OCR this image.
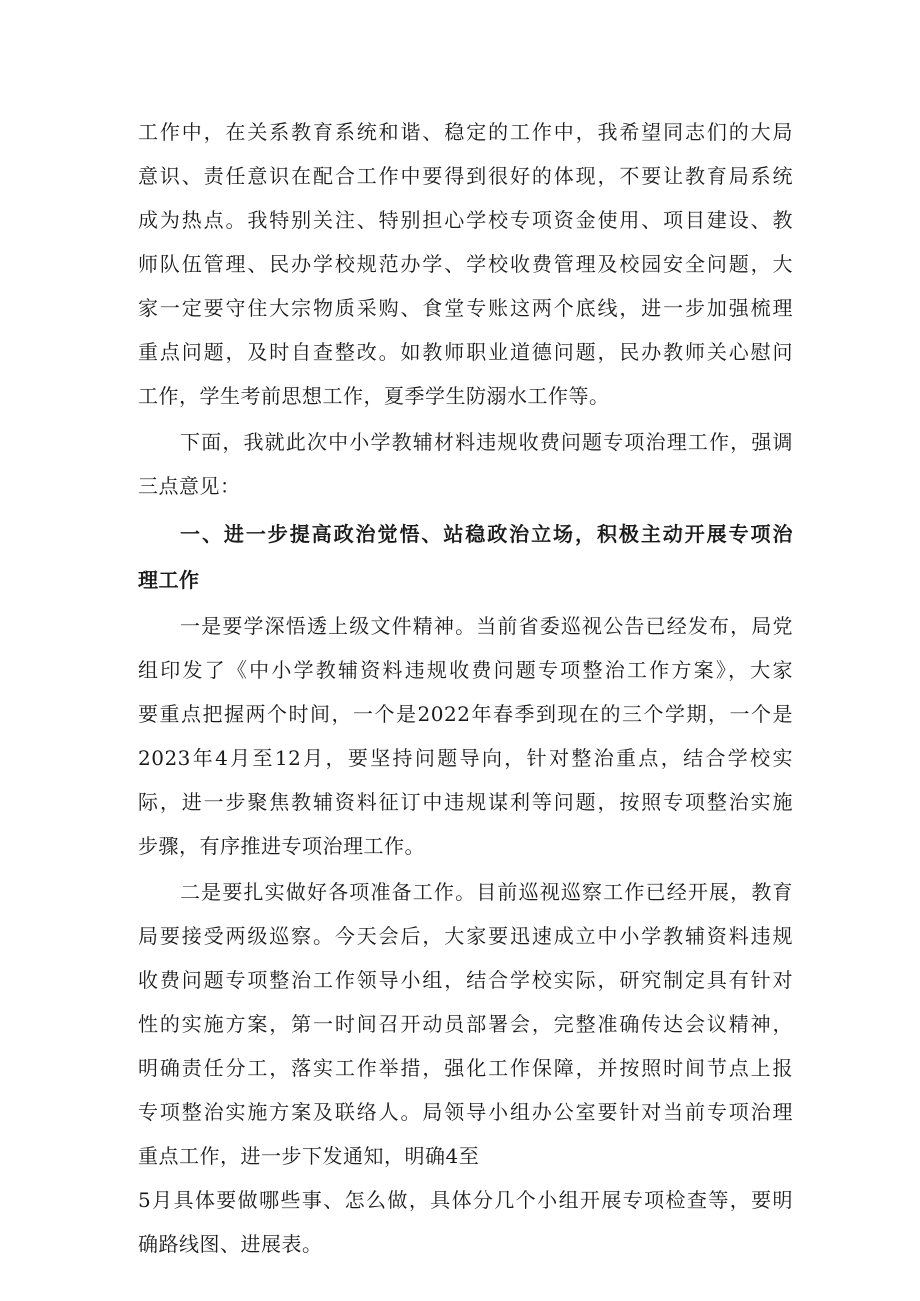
工作中，在关系教育系统和谐、稳定的工作中，我希望同志们的大局
意识、责任意识在配合工作中要得到很好的体现，不要让教育局系统
成为热点。我特别关注、特别担心学校专项资金使用、项目建设、教
师队伍管理、民办学校规范办学、学校收费管理及校园安全问题，大
家一定要守住大宗物质采购、食堂专账这两个底线，进一步加强梳理
重点问题，及时自查整改。如教师职业道德问题，民办教师关心慰问
工作，学生考前思想工作，夏季学生防溺水工作等。
下面，我就此次中小学教辅材料违规收费问题专项治理工作，强调
三点意见：
一、进一步提高政治觉悟、站稳政治立场，积极主动开展专项治
理工作
一是要学深悟透上级文件精神。当前省委巡视公告已经发布，局党
组印发了《中小学教辅资料违规收费问题专项整治工作方案》，大家
要重点把握两个时间，一个是2022年春季到现在的三个学期，一个是
2023年4月至12月，要坚持问题导向，针对整治重点，结合学校实
际，进一步聚焦教辅资料征订中违规谋利等问题，按照专项整治实施
步骤，有序推进专项治理工作。
二是要扎实做好各项准备工作。目前巡视巡察工作已经开展，教育
局要接受两级巡察。今天会后，大家要迅速成立中小学教辅资料违规
收费问题专项整治工作领导小组，结合学校实际，研究制定具有针对
性的实施方案，第一时间召开动员部署会，完整准确传达会议精神，
明确责任分工，落实工作举措，强化工作保障，并按照时间节点上报
专项整治实施方案及联络人。局领导小组办公室要针对当前专项治理
重点工作，进一步下发通知，明确4至
5月具体要做哪些事、怎么做，具体分几个小组开展专项检查等，要明
确路线图、进展表。
